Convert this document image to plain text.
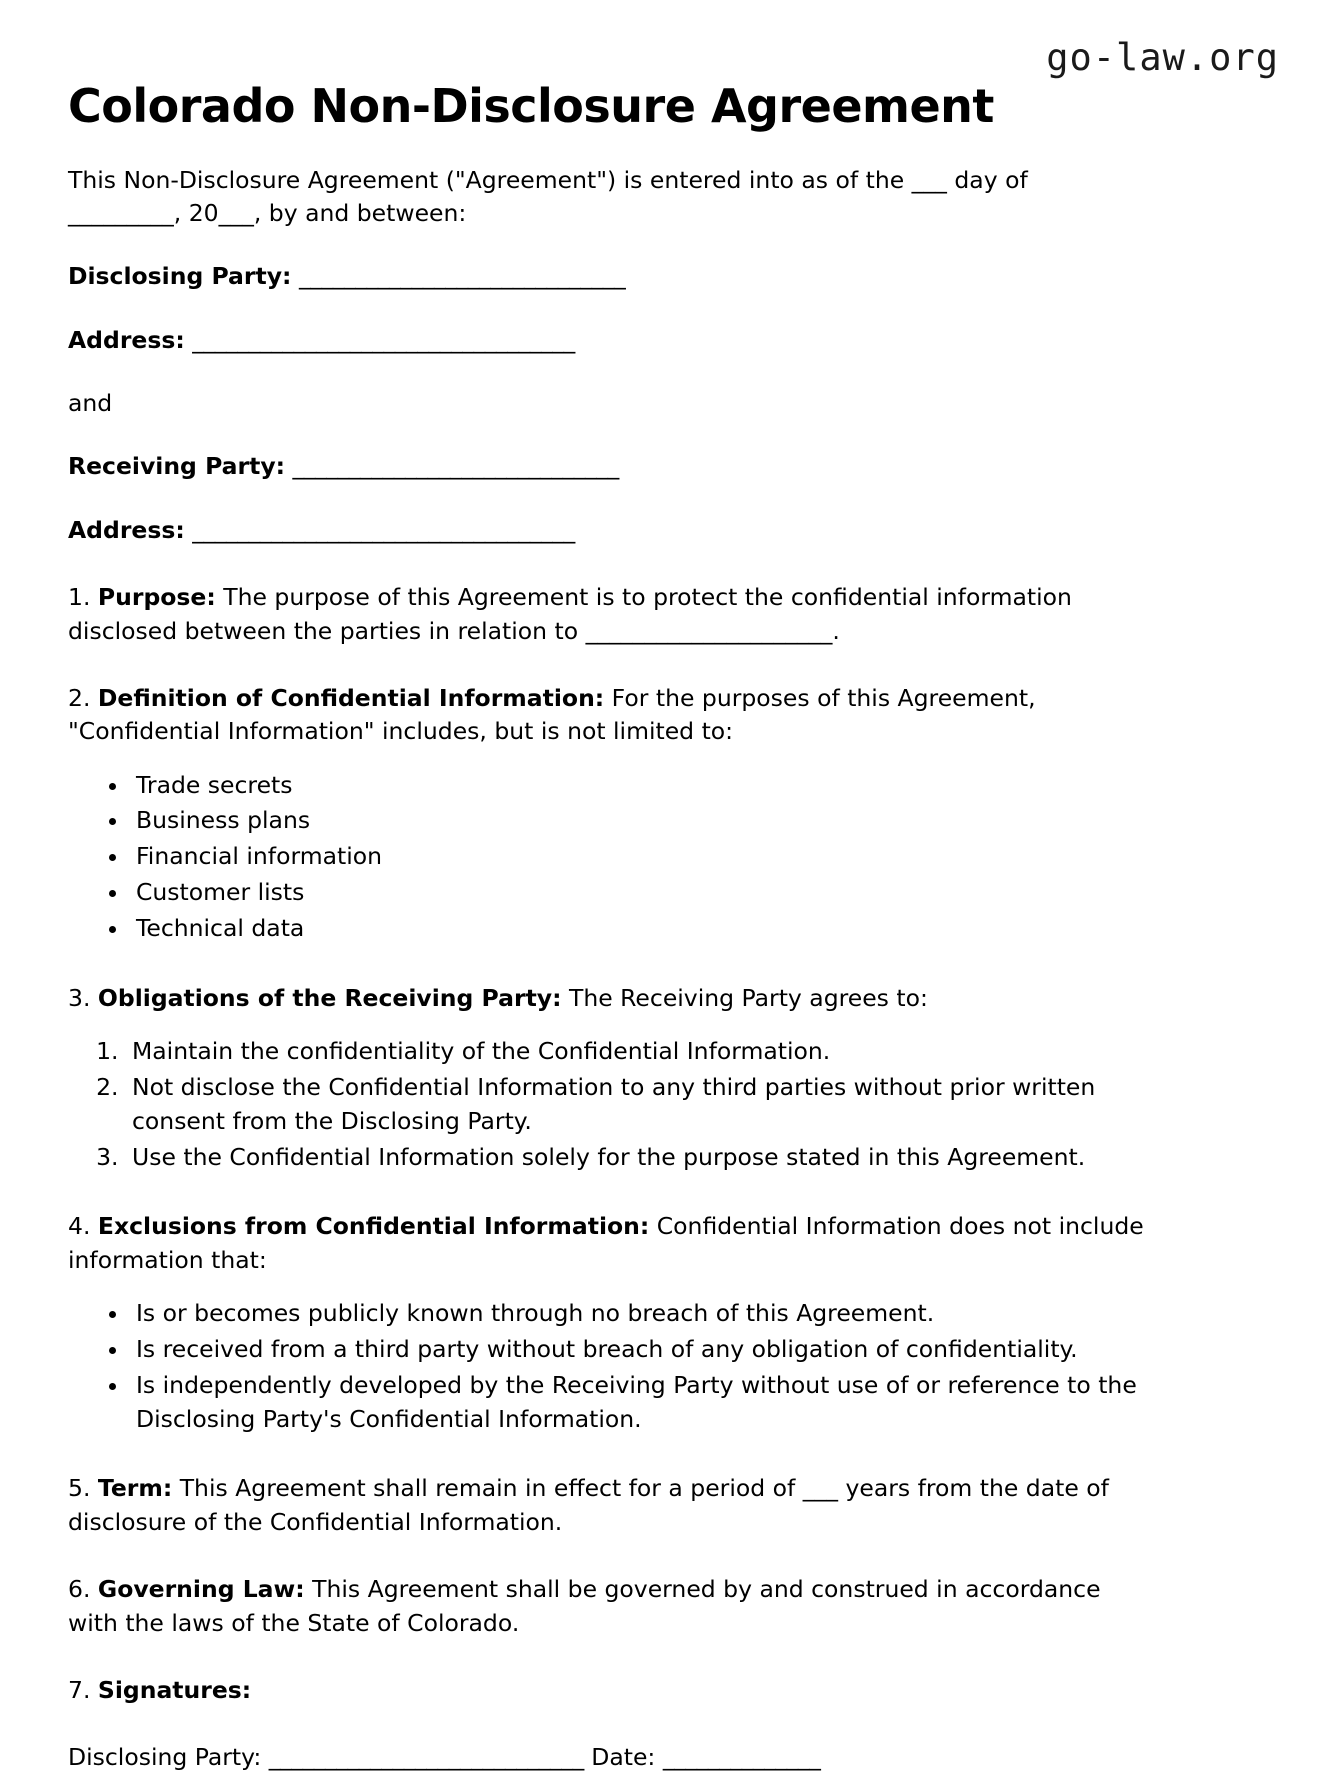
go-law.org
Colorado Non-Disclosure Agreement

This Non-Disclosure Agreement ("Agreement") is entered into as of the ___ day of _________, 20___, by and between:

Disclosing Party: _____________________________

Address: __________________________________

and

Receiving Party: _____________________________

Address: __________________________________

1. Purpose: The purpose of this Agreement is to protect the confidential information disclosed between the parties in relation to _____________________.

2. Definition of Confidential Information: For the purposes of this Agreement, "Confidential Information" includes, but is not limited to:

• Trade secrets
• Business plans
• Financial information
• Customer lists
• Technical data

3. Obligations of the Receiving Party: The Receiving Party agrees to:

1. Maintain the confidentiality of the Confidential Information.
2. Not disclose the Confidential Information to any third parties without prior written consent from the Disclosing Party.
3. Use the Confidential Information solely for the purpose stated in this Agreement.

4. Exclusions from Confidential Information: Confidential Information does not include information that:

• Is or becomes publicly known through no breach of this Agreement.
• Is received from a third party without breach of any obligation of confidentiality.
• Is independently developed by the Receiving Party without use of or reference to the Disclosing Party's Confidential Information.

5. Term: This Agreement shall remain in effect for a period of ___ years from the date of disclosure of the Confidential Information.

6. Governing Law: This Agreement shall be governed by and construed in accordance with the laws of the State of Colorado.

7. Signatures:

Disclosing Party: ____________________________ Date: ______________
